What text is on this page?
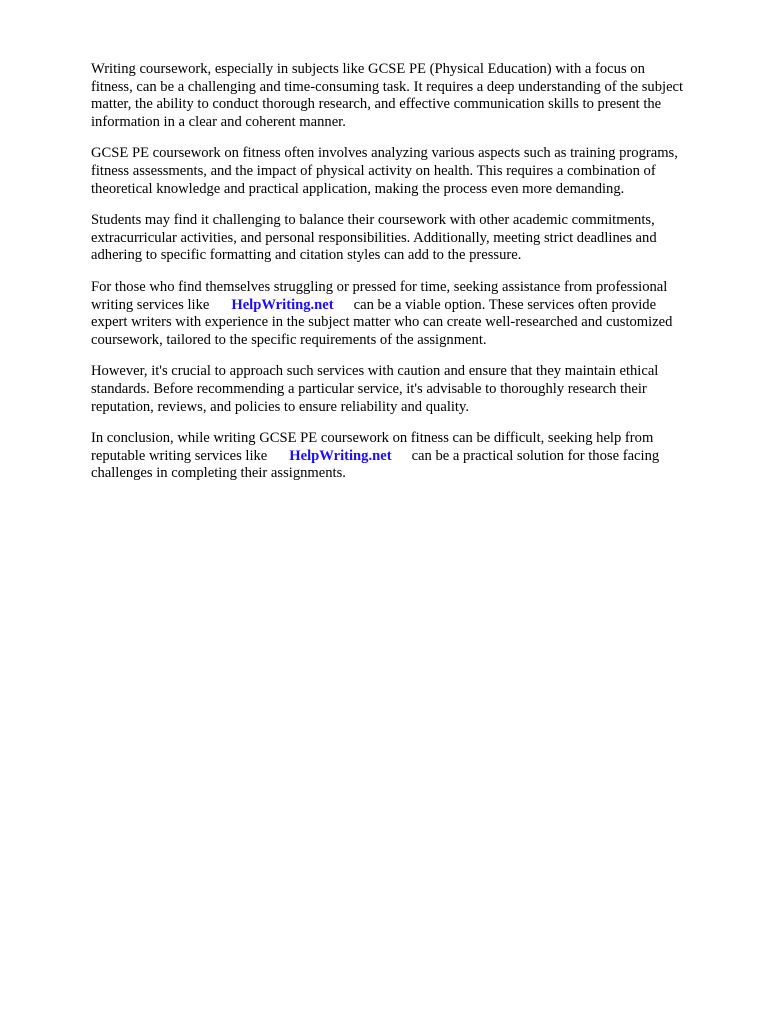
Writing coursework, especially in subjects like GCSE PE (Physical Education) with a focus on
fitness, can be a challenging and time-consuming task. It requires a deep understanding of the subject
matter, the ability to conduct thorough research, and effective communication skills to present the
information in a clear and coherent manner.

GCSE PE coursework on fitness often involves analyzing various aspects such as training programs,
fitness assessments, and the impact of physical activity on health. This requires a combination of
theoretical knowledge and practical application, making the process even more demanding.

Students may find it challenging to balance their coursework with other academic commitments,
extracurricular activities, and personal responsibilities. Additionally, meeting strict deadlines and
adhering to specific formatting and citation styles can add to the pressure.

For those who find themselves struggling or pressed for time, seeking assistance from professional
writing services like HelpWriting.net can be a viable option. These services often provide
expert writers with experience in the subject matter who can create well-researched and customized
coursework, tailored to the specific requirements of the assignment.

However, it's crucial to approach such services with caution and ensure that they maintain ethical
standards. Before recommending a particular service, it's advisable to thoroughly research their
reputation, reviews, and policies to ensure reliability and quality.

In conclusion, while writing GCSE PE coursework on fitness can be difficult, seeking help from
reputable writing services like HelpWriting.net can be a practical solution for those facing
challenges in completing their assignments.
